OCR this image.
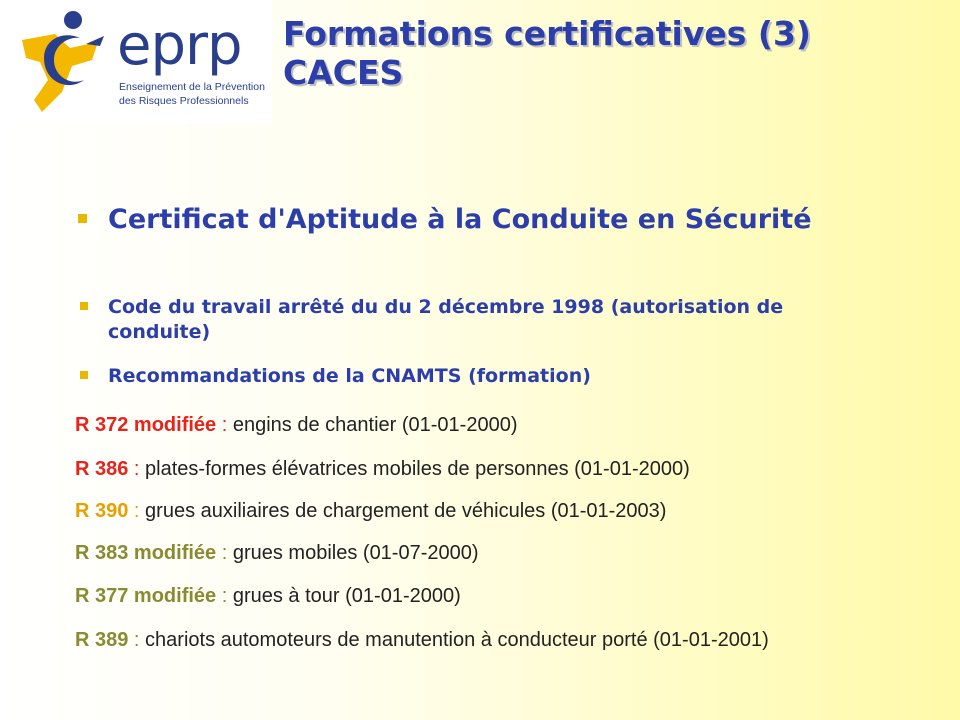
eprp
Enseignement de la Prévention
des Risques Professionnels
Formations certificatives (3)
CACES
Certificat d'Aptitude à la Conduite en Sécurité
Code du travail arrêté du du 2 décembre 1998 (autorisation de conduite)
Recommandations de la CNAMTS (formation)
R 372 modifiée : engins de chantier (01-01-2000)
R 386 : plates-formes élévatrices mobiles de personnes (01-01-2000)
R 390 : grues auxiliaires de chargement de véhicules (01-01-2003)
R 383 modifiée : grues mobiles (01-07-2000)
R 377 modifiée : grues à tour (01-01-2000)
R 389 : chariots automoteurs de manutention à conducteur porté (01-01-2001)
